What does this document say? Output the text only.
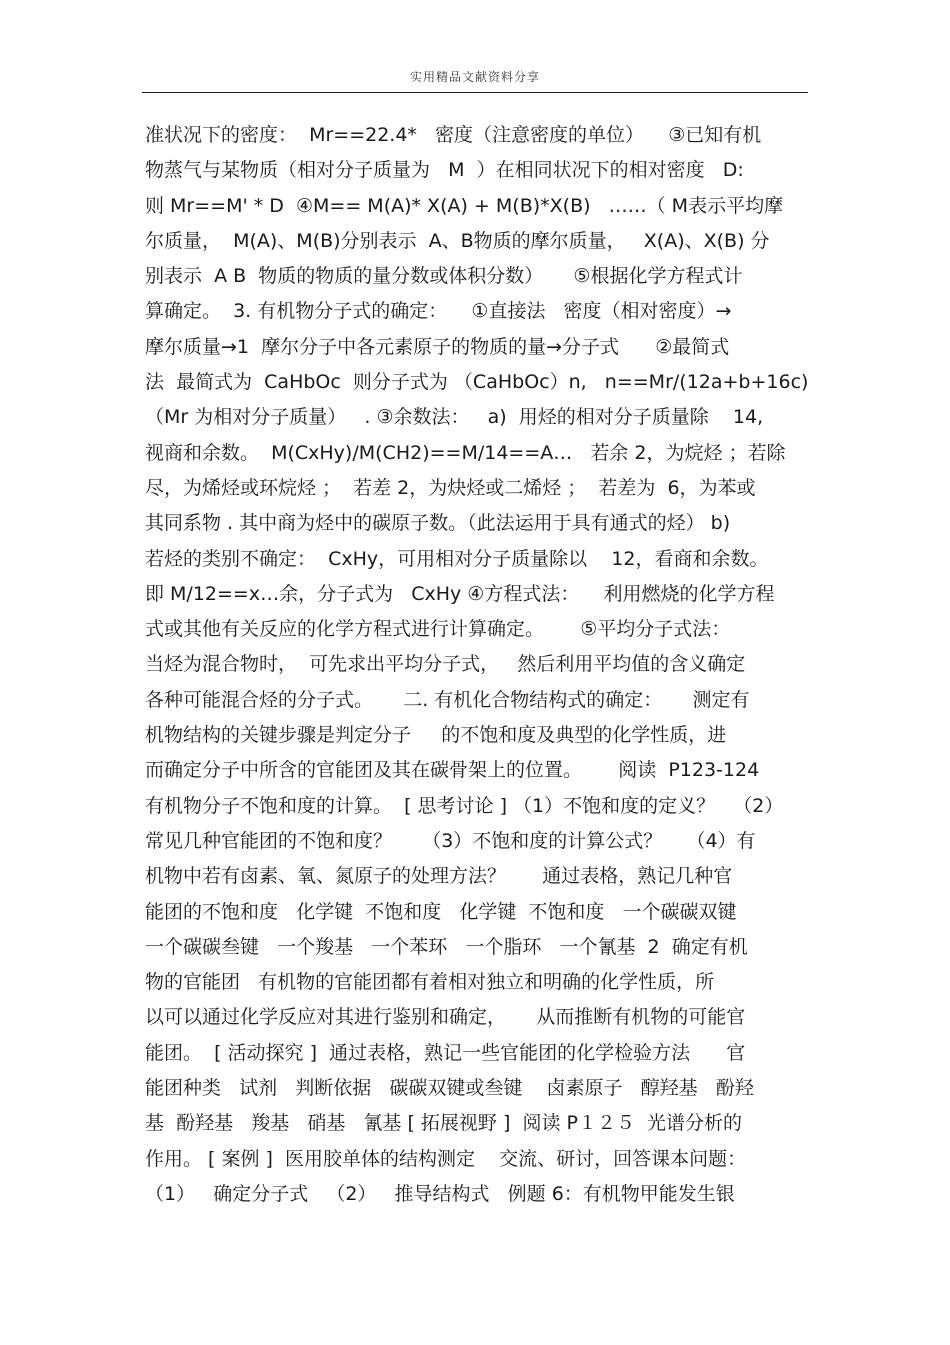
实用精品文献资料分享
准状况下的密度：  Mr==22.4*   密度（注意密度的单位）    ③已知有机
物蒸气与某物质（相对分子质量为   M  ）在相同状况下的相对密度   D:
则 Mr==M' * D  ④M== M(A)* X(A) + M(B)*X(B)   ……（ M表示平均摩
尔质量，  M(A)、M(B)分别表示  A、B物质的摩尔质量，   X(A)、X(B) 分
别表示  A B  物质的物质的量分数或体积分数）     ⑤根据化学方程式计
算确定。  3. 有机物分子式的确定：    ①直接法   密度（相对密度）→
摩尔质量→1  摩尔分子中各元素原子的物质的量→分子式      ②最简式
法  最简式为  CaHbOc  则分子式为 （CaHbOc）n,   n==Mr/(12a+b+16c)
（Mr 为相对分子质量）   . ③余数法：   a)  用烃的相对分子质量除    14,
视商和余数。  M(CxHy)/M(CH2)==M/14==A…   若余 2，为烷烃 ；若除
尽，为烯烃或环烷烃 ；  若差 2，为炔烃或二烯烃 ；  若差为  6，为苯或
其同系物 . 其中商为烃中的碳原子数。（此法运用于具有通式的烃） b)
若烃的类别不确定：  CxHy，可用相对分子质量除以    12，看商和余数。
即 M/12==x…余，分子式为   CxHy ④方程式法：    利用燃烧的化学方程
式或其他有关反应的化学方程式进行计算确定。      ⑤平均分子式法：
当烃为混合物时，  可先求出平均分子式，   然后利用平均值的含义确定
各种可能混合烃的分子式。     二. 有机化合物结构式的确定：     测定有
机物结构的关键步骤是判定分子     的不饱和度及典型的化学性质，进
而确定分子中所含的官能团及其在碳骨架上的位置。      阅读  P123-124
有机物分子不饱和度的计算。  [ 思考讨论 ] （1）不饱和度的定义？   （2）
常见几种官能团的不饱和度？     （3）不饱和度的计算公式？    （4）有
机物中若有卤素、氧、氮原子的处理方法？      通过表格，熟记几种官
能团的不饱和度   化学键  不饱和度   化学键  不饱和度   一个碳碳双键
一个碳碳叁键   一个羧基   一个苯环   一个脂环   一个氰基  2  确定有机
物的官能团   有机物的官能团都有着相对独立和明确的化学性质，所
以可以通过化学反应对其进行鉴别和确定，     从而推断有机物的可能官
能团。  [ 活动探究 ]  通过表格，熟记一些官能团的化学检验方法      官
能团种类   试剂   判断依据   碳碳双键或叁键    卤素原子   醇羟基   酚羟
基  酚羟基   羧基   硝基   氰基 [ 拓展视野 ]  阅读 P１２５  光谱分析的
作用。 [ 案例 ]  医用胶单体的结构测定    交流、研讨，回答课本问题：
（1）   确定分子式   （2）   推导结构式   例题 6：有机物甲能发生银
